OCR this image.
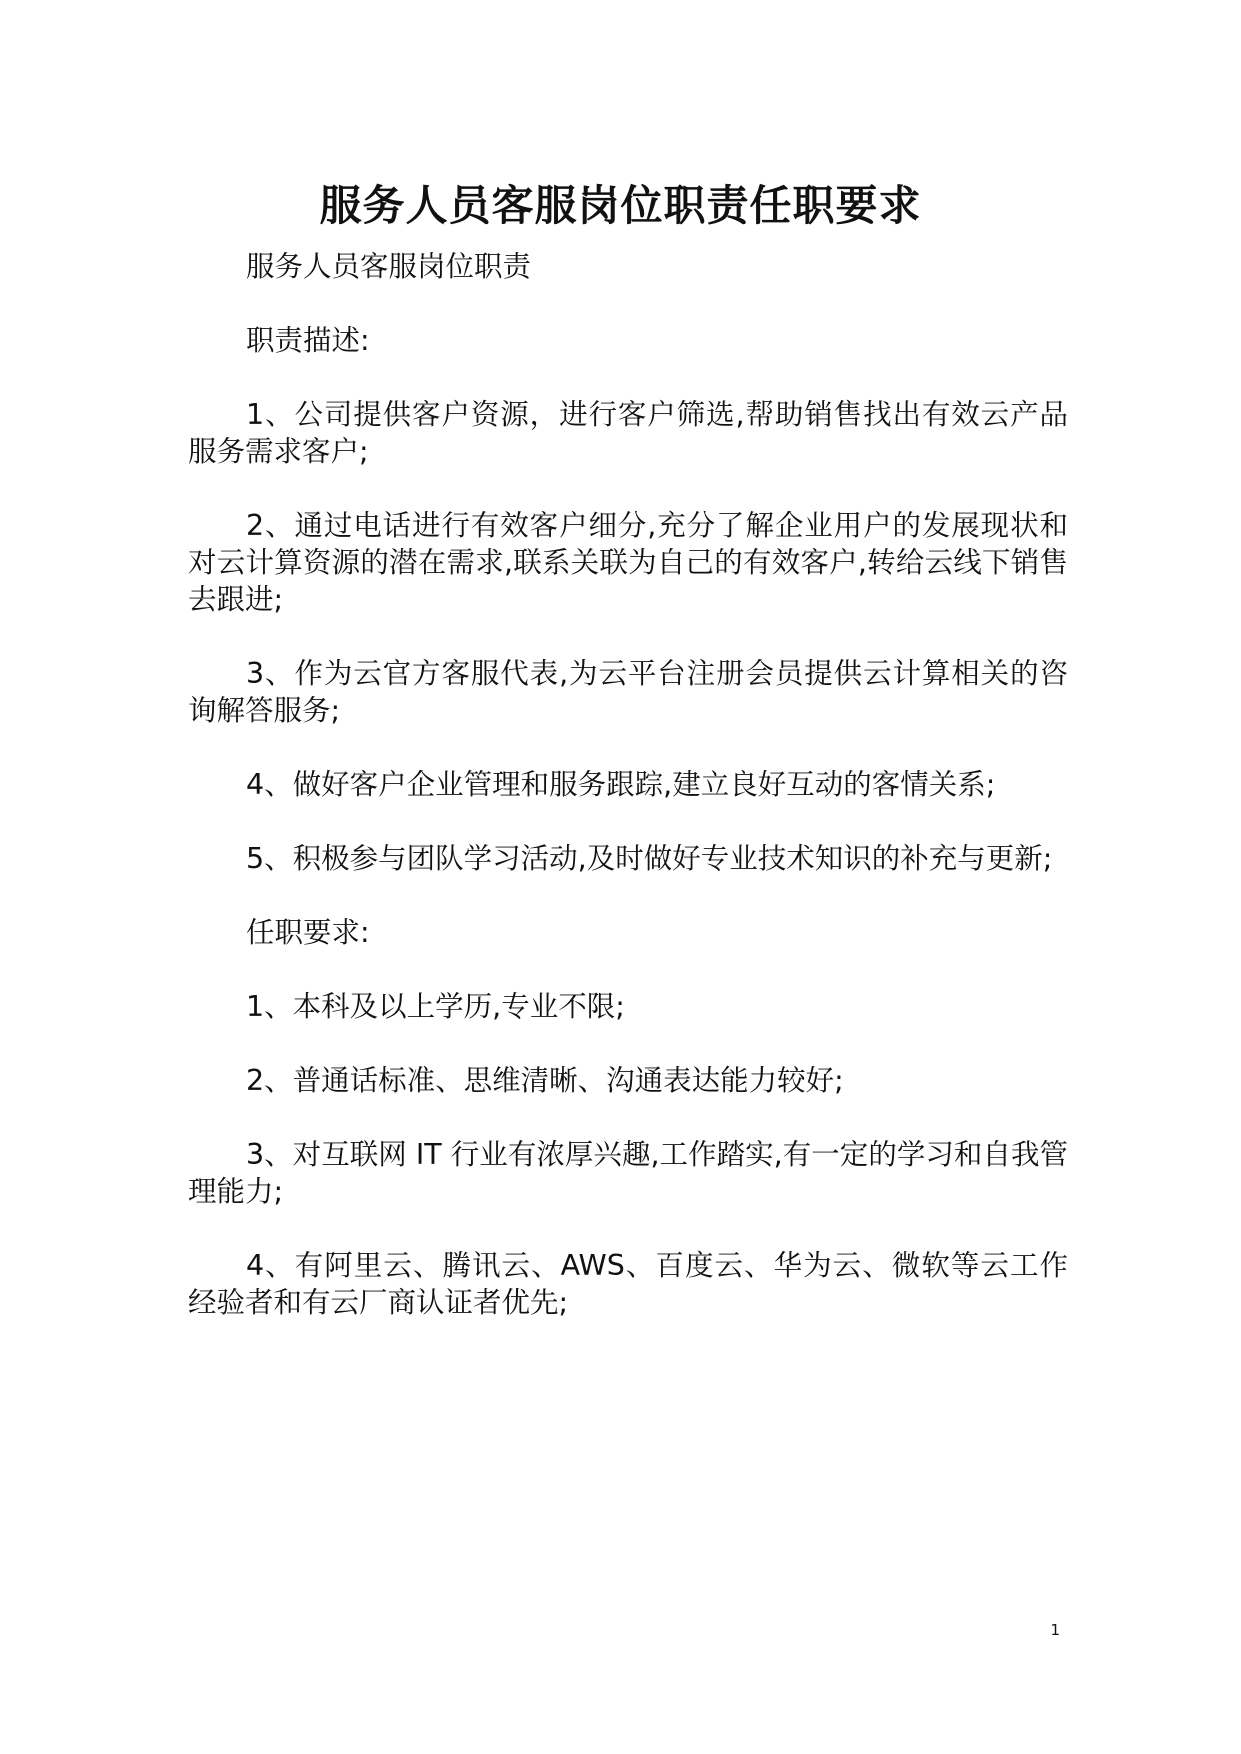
服务人员客服岗位职责任职要求

服务人员客服岗位职责

职责描述:

1、公司提供客户资源，进行客户筛选,帮助销售找出有效云产品服务需求客户;

2、通过电话进行有效客户细分,充分了解企业用户的发展现状和对云计算资源的潜在需求,联系关联为自己的有效客户,转给云线下销售去跟进;

3、作为云官方客服代表,为云平台注册会员提供云计算相关的咨询解答服务;

4、做好客户企业管理和服务跟踪,建立良好互动的客情关系;

5、积极参与团队学习活动,及时做好专业技术知识的补充与更新;

任职要求:

1、本科及以上学历,专业不限;

2、普通话标准、思维清晰、沟通表达能力较好;

3、对互联网 IT 行业有浓厚兴趣,工作踏实,有一定的学习和自我管理能力;

4、有阿里云、腾讯云、AWS、百度云、华为云、微软等云工作经验者和有云厂商认证者优先;

1
